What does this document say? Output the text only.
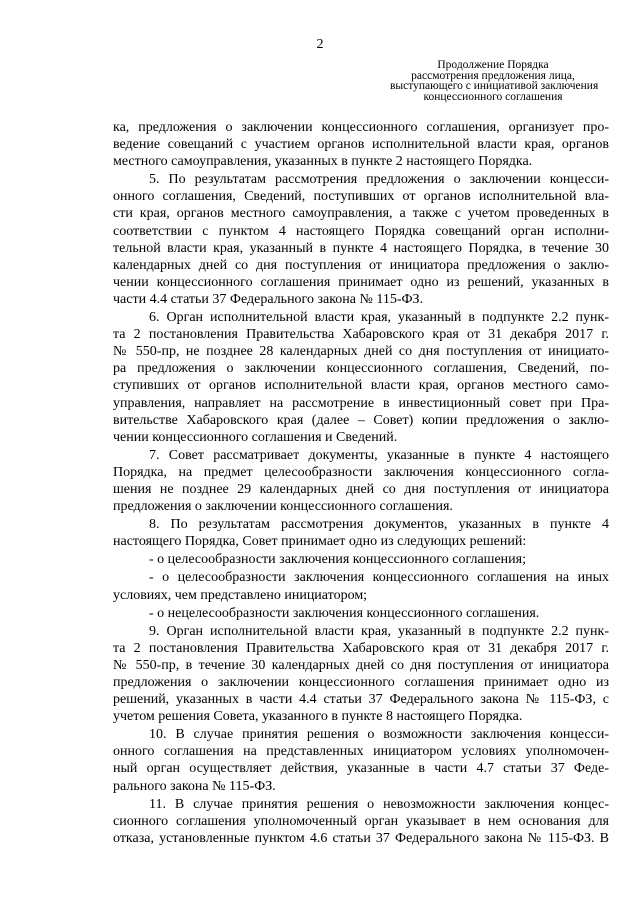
2
Продолжение Порядка
рассмотрения предложения лица,
выступающего с инициативой заключения
концессионного соглашения
ка, предложения о заключении концессионного соглашения, организует про-
ведение совещаний с участием органов исполнительной власти края, органов
местного самоуправления, указанных в пункте 2 настоящего Порядка.
5. По результатам рассмотрения предложения о заключении концесси-
онного соглашения, Сведений, поступивших от органов исполнительной вла-
сти края, органов местного самоуправления, а также с учетом проведенных в
соответствии с пунктом 4 настоящего Порядка совещаний орган исполни-
тельной власти края, указанный в пункте 4 настоящего Порядка, в течение 30
календарных дней со дня поступления от инициатора предложения о заклю-
чении концессионного соглашения принимает одно из решений, указанных в
части 4.4 статьи 37 Федерального закона № 115-ФЗ.
6. Орган исполнительной власти края, указанный в подпункте 2.2 пунк-
та 2 постановления Правительства Хабаровского края от 31 декабря 2017 г.
№ 550-пр, не позднее 28 календарных дней со дня поступления от инициато-
ра предложения о заключении концессионного соглашения, Сведений, по-
ступивших от органов исполнительной власти края, органов местного само-
управления, направляет на рассмотрение в инвестиционный совет при Пра-
вительстве Хабаровского края (далее – Совет) копии предложения о заклю-
чении концессионного соглашения и Сведений.
7. Совет рассматривает документы, указанные в пункте 4 настоящего
Порядка, на предмет целесообразности заключения концессионного согла-
шения не позднее 29 календарных дней со дня поступления от инициатора
предложения о заключении концессионного соглашения.
8. По результатам рассмотрения документов, указанных в пункте 4
настоящего Порядка, Совет принимает одно из следующих решений:
- о целесообразности заключения концессионного соглашения;
- о целесообразности заключения концессионного соглашения на иных
условиях, чем представлено инициатором;
- о нецелесообразности заключения концессионного соглашения.
9. Орган исполнительной власти края, указанный в подпункте 2.2 пунк-
та 2 постановления Правительства Хабаровского края от 31 декабря 2017 г.
№ 550-пр, в течение 30 календарных дней со дня поступления от инициатора
предложения о заключении концессионного соглашения принимает одно из
решений, указанных в части 4.4 статьи 37 Федерального закона № 115-ФЗ, с
учетом решения Совета, указанного в пункте 8 настоящего Порядка.
10. В случае принятия решения о возможности заключения концесси-
онного соглашения на представленных инициатором условиях уполномочен-
ный орган осуществляет действия, указанные в части 4.7 статьи 37 Феде-
рального закона № 115-ФЗ.
11. В случае принятия решения о невозможности заключения концес-
сионного соглашения уполномоченный орган указывает в нем основания для
отказа, установленные пунктом 4.6 статьи 37 Федерального закона № 115-ФЗ. В
